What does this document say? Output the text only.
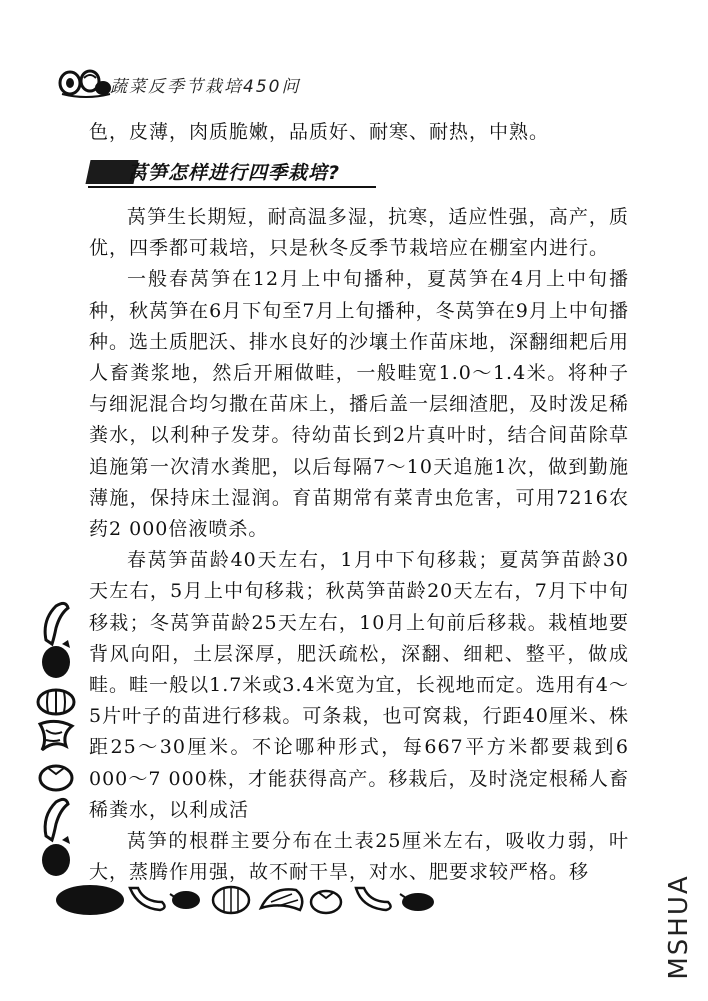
蔬菜反季节栽培450问
色，皮薄，肉质脆嫩，品质好、耐寒、耐热，中熟。

莴笋怎样进行四季栽培?

莴笋生长期短，耐高温多湿，抗寒，适应性强，高产，质优，四季都可栽培，只是秋冬反季节栽培应在棚室内进行。

一般春莴笋在12月上中旬播种，夏莴笋在4月上中旬播种，秋莴笋在6月下旬至7月上旬播种，冬莴笋在9月上中旬播种。选土质肥沃、排水良好的沙壤土作苗床地，深翻细耙后用人畜粪浆地，然后开厢做畦，一般畦宽1.0～1.4米。将种子与细泥混合均匀撒在苗床上，播后盖一层细渣肥，及时泼足稀粪水，以利种子发芽。待幼苗长到2片真叶时，结合间苗除草追施第一次清水粪肥，以后每隔7～10天追施1次，做到勤施薄施，保持床土湿润。育苗期常有菜青虫危害，可用7216农药2 000倍液喷杀。

春莴笋苗龄40天左右，1月中下旬移栽；夏莴笋苗龄30天左右，5月上中旬移栽；秋莴笋苗龄20天左右，7月下中旬移栽；冬莴笋苗龄25天左右，10月上旬前后移栽。栽植地要背风向阳，土层深厚，肥沃疏松，深翻、细耙、整平，做成畦。畦一般以1.7米或3.4米宽为宜，长视地而定。选用有4～5片叶子的苗进行移栽。可条栽，也可窝栽，行距40厘米、株距25～30厘米。不论哪种形式，每667平方米都要栽到6 000～7 000株，才能获得高产。移栽后，及时浇定根稀人畜稀粪水，以利成活

莴笋的根群主要分布在土表25厘米左右，吸收力弱，叶大，蒸腾作用强，故不耐干旱，对水、肥要求较严格。移

MSHUA
